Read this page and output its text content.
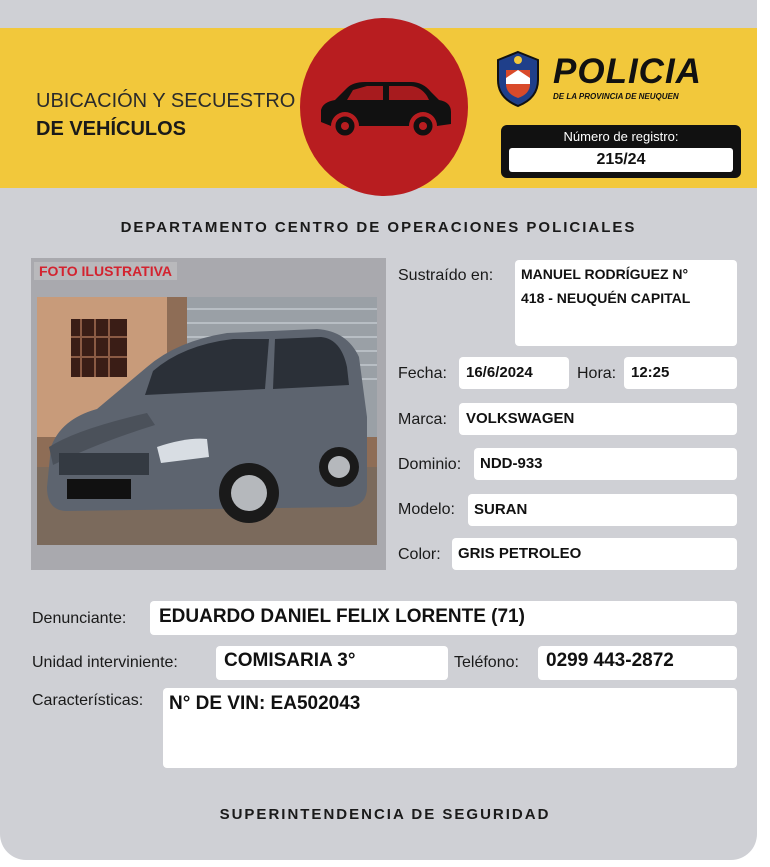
UBICACIÓN Y SECUESTRO
DE VEHÍCULOS
POLICIA
DE LA PROVINCIA DE NEUQUEN
Número de registro:
215/24
DEPARTAMENTO CENTRO DE OPERACIONES POLICIALES
FOTO ILUSTRATIVA	Sustraído en: MANUEL RODRÍGUEZ N°
418 - NEUQUÉN CAPITAL
Fecha: 16/6/2024	Hora: 12:25
Marca: VOLKSWAGEN
Dominio: NDD-933
Modelo: SURAN
Color: GRIS PETROLEO
Denunciante: EDUARDO DANIEL FELIX LORENTE (71)
Unidad interviniente: COMISARIA 3°	Teléfono: 0299 443-2872
Características: N° DE VIN: EA502043
SUPERINTENDENCIA DE SEGURIDAD
